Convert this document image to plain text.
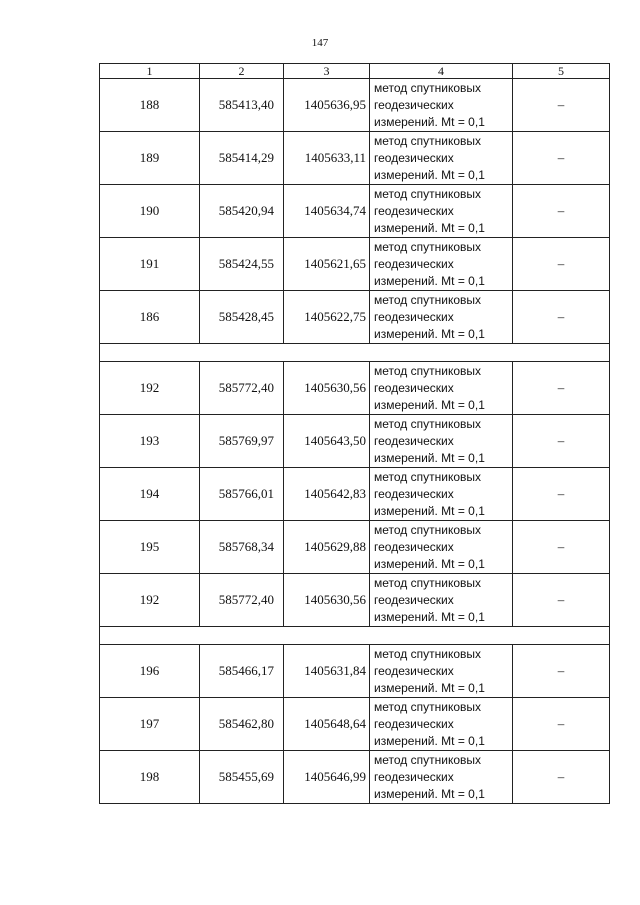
147
1	2	3	4	5
188	585413,40	1405636,95	метод спутниковых
геодезических
измерений. Mt = 0,1	–
189	585414,29	1405633,11	метод спутниковых
геодезических
измерений. Mt = 0,1	–
190	585420,94	1405634,74	метод спутниковых
геодезических
измерений. Mt = 0,1	–
191	585424,55	1405621,65	метод спутниковых
геодезических
измерений. Mt = 0,1	–
186	585428,45	1405622,75	метод спутниковых
геодезических
измерений. Mt = 0,1	–

192	585772,40	1405630,56	метод спутниковых
геодезических
измерений. Mt = 0,1	–
193	585769,97	1405643,50	метод спутниковых
геодезических
измерений. Mt = 0,1	–
194	585766,01	1405642,83	метод спутниковых
геодезических
измерений. Mt = 0,1	–
195	585768,34	1405629,88	метод спутниковых
геодезических
измерений. Mt = 0,1	–
192	585772,40	1405630,56	метод спутниковых
геодезических
измерений. Mt = 0,1	–

196	585466,17	1405631,84	метод спутниковых
геодезических
измерений. Mt = 0,1	–
197	585462,80	1405648,64	метод спутниковых
геодезических
измерений. Mt = 0,1	–
198	585455,69	1405646,99	метод спутниковых
геодезических
измерений. Mt = 0,1	–
